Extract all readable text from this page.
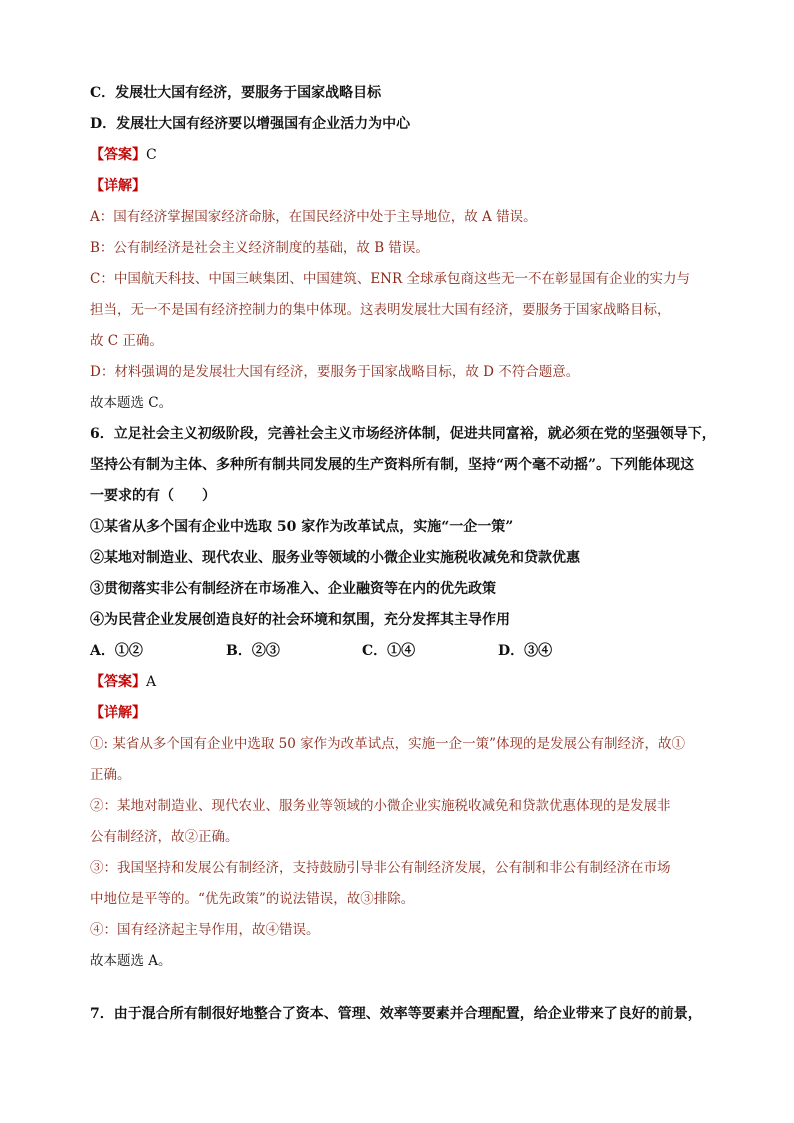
C．发展壮大国有经济，要服务于国家战略目标
D．发展壮大国有经济要以增强国有企业活力为中心
【答案】C
【详解】
A：国有经济掌握国家经济命脉，在国民经济中处于主导地位，故 A 错误。
B：公有制经济是社会主义经济制度的基础，故 B 错误。
C：中国航天科技、中国三峡集团、中国建筑、ENR 全球承包商这些无一不在彰显国有企业的实力与
担当，无一不是国有经济控制力的集中体现。这表明发展壮大国有经济，要服务于国家战略目标，
故 C 正确。
D：材料强调的是发展壮大国有经济，要服务于国家战略目标，故 D 不符合题意。
故本题选 C。
6．立足社会主义初级阶段，完善社会主义市场经济体制，促进共同富裕，就必须在党的坚强领导下，
坚持公有制为主体、多种所有制共同发展的生产资料所有制，坚持“两个毫不动摇”。下列能体现这
一要求的有（　　）
①某省从多个国有企业中选取 50 家作为改革试点，实施“一企一策”
②某地对制造业、现代农业、服务业等领域的小微企业实施税收减免和贷款优惠
③贯彻落实非公有制经济在市场准入、企业融资等在内的优先政策
④为民营企业发展创造良好的社会环境和氛围，充分发挥其主导作用
A．①②	B．②③	C．①④	D．③④
【答案】A
【详解】
①: 某省从多个国有企业中选取 50 家作为改革试点，实施一企一策”体现的是发展公有制经济，故①
正确。
②：某地对制造业、现代农业、服务业等领域的小微企业实施税收减免和贷款优惠体现的是发展非
公有制经济，故②正确。
③：我国坚持和发展公有制经济，支持鼓励引导非公有制经济发展，公有制和非公有制经济在市场
中地位是平等的。“优先政策”的说法错误，故③排除。
④：国有经济起主导作用，故④错误。
故本题选 A。
7．由于混合所有制很好地整合了资本、管理、效率等要素并合理配置，给企业带来了良好的前景，
